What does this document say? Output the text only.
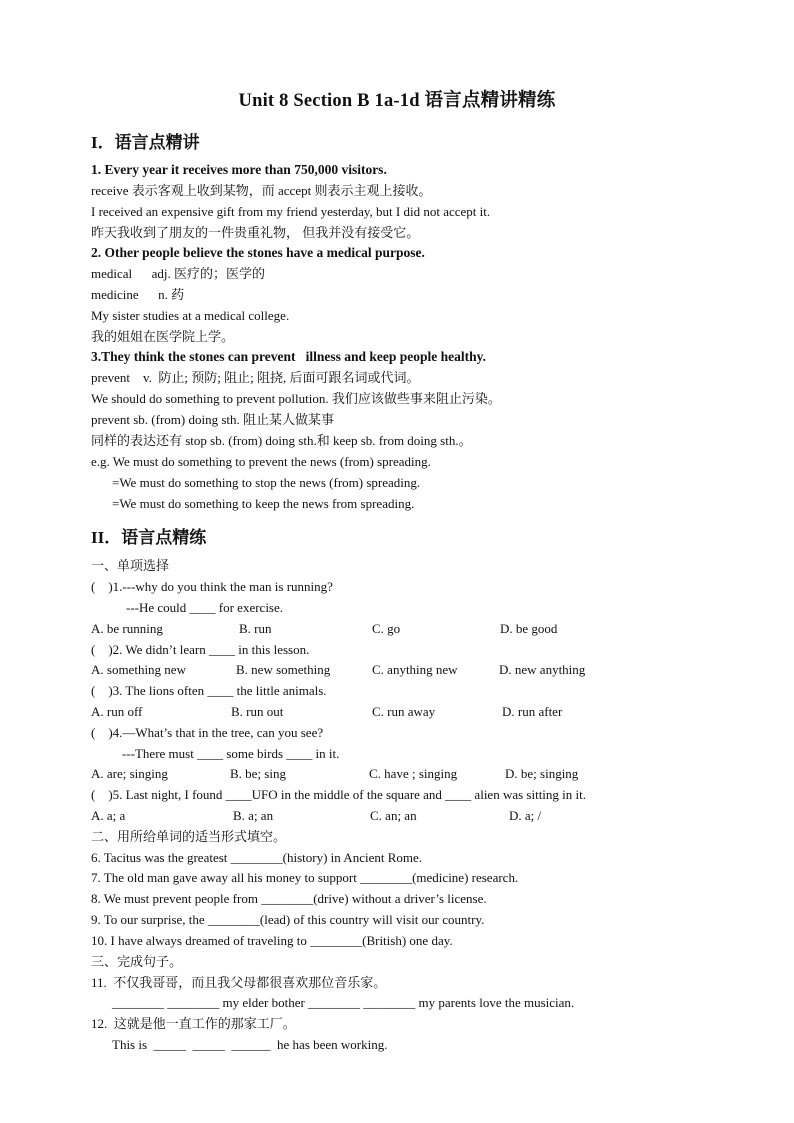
Unit 8 Section B 1a-1d 语言点精讲精练
I．语言点精讲
1. Every year it receives more than 750,000 visitors.
receive 表示客观上收到某物，而 accept 则表示主观上接收。
I received an expensive gift from my friend yesterday, but I did not accept it.
昨天我收到了朋友的一件贵重礼物， 但我并没有接受它。
2. Other people believe the stones have a medical purpose.
medical      adj. 医疗的；医学的
medicine      n. 药
My sister studies at a medical college.
我的姐姐在医学院上学。
3.They think the stones can prevent   illness and keep people healthy.
prevent    v.  防止; 预防; 阻止; 阻挠, 后面可跟名词或代词。
We should do something to prevent pollution. 我们应该做些事来阻止污染。
prevent sb. (from) doing sth. 阻止某人做某事
同样的表达还有 stop sb. (from) doing sth.和 keep sb. from doing sth.。
e.g. We must do something to prevent the news (from) spreading.
=We must do something to stop the news (from) spreading.
=We must do something to keep the news from spreading.
II．语言点精练
一、单项选择
(    )1.---why do you think the man is running?
---He could ____ for exercise.
A. be running	B. run	C. go	D. be good
(    )2. We didn’t learn ____ in this lesson.
A. something new	B. new something	C. anything new	D. new anything
(    )3. The lions often ____ the little animals.
A. run off	B. run out	C. run away	D. run after
(    )4.—What’s that in the tree, can you see?
---There must ____ some birds ____ in it.
A. are; singing	B. be; sing	C. have ; singing	D. be; singing
(    )5. Last night, I found ____UFO in the middle of the square and ____ alien was sitting in it.
A. a; a	B. a; an	C. an; an	D. a; /
二、用所给单词的适当形式填空。
6. Tacitus was the greatest ________(history) in Ancient Rome.
7. The old man gave away all his money to support ________(medicine) research.
8. We must prevent people from ________(drive) without a driver’s license.
9. To our surprise, the ________(lead) of this country will visit our country.
10. I have always dreamed of traveling to ________(British) one day.
三、完成句子。
11.  不仅我哥哥，而且我父母都很喜欢那位音乐家。
________ ________ my elder bother ________ ________ my parents love the musician.
12.  这就是他一直工作的那家工厂。
This is  _____  _____  ______  he has been working.
